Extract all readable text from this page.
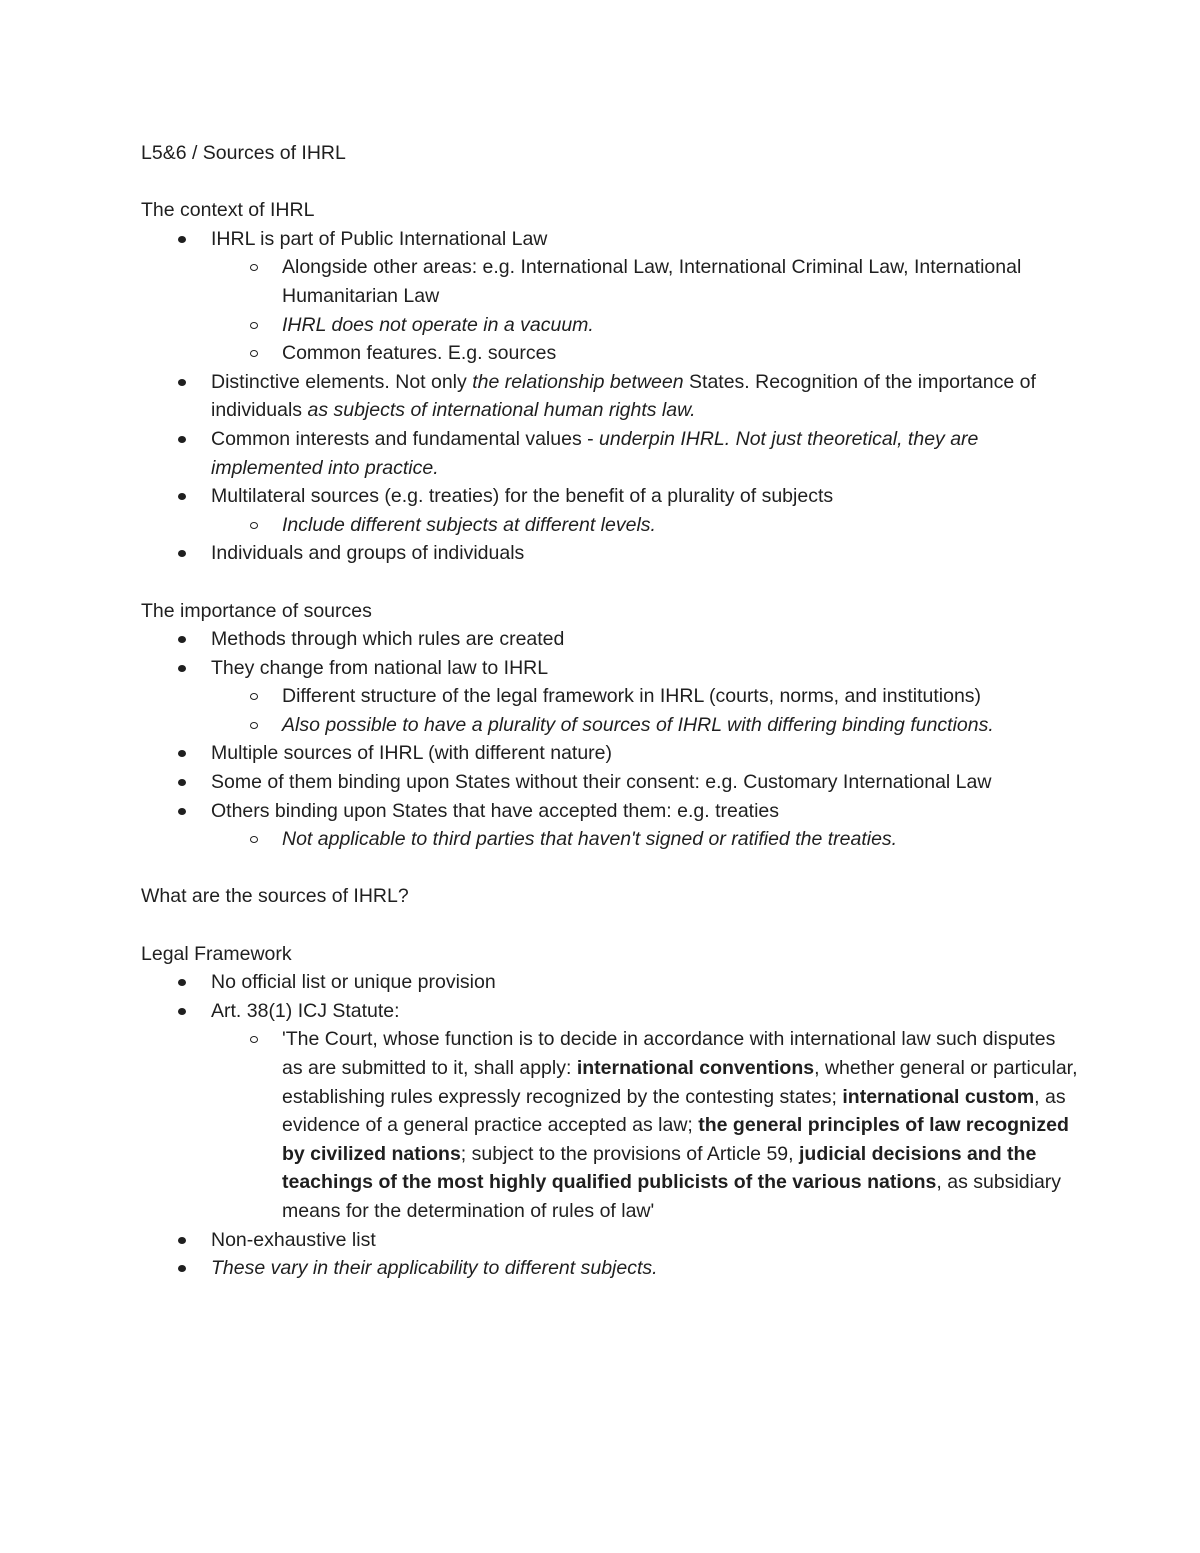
L5&6 / Sources of IHRL

The context of IHRL

IHRL is part of Public International Law
Alongside other areas: e.g. International Law, International Criminal Law, International Humanitarian Law
IHRL does not operate in a vacuum.
Common features. E.g. sources
Distinctive elements. Not only the relationship between States. Recognition of the importance of individuals as subjects of international human rights law.
Common interests and fundamental values - underpin IHRL. Not just theoretical, they are implemented into practice.
Multilateral sources (e.g. treaties) for the benefit of a plurality of subjects
Include different subjects at different levels.
Individuals and groups of individuals

The importance of sources

Methods through which rules are created
They change from national law to IHRL
Different structure of the legal framework in IHRL (courts, norms, and institutions)
Also possible to have a plurality of sources of IHRL with differing binding functions.
Multiple sources of IHRL (with different nature)
Some of them binding upon States without their consent: e.g. Customary International Law
Others binding upon States that have accepted them: e.g. treaties
Not applicable to third parties that haven't signed or ratified the treaties.

What are the sources of IHRL?

Legal Framework

No official list or unique provision
Art. 38(1) ICJ Statute:
'The Court, whose function is to decide in accordance with international law such disputes as are submitted to it, shall apply: international conventions, whether general or particular, establishing rules expressly recognized by the contesting states; international custom, as evidence of a general practice accepted as law; the general principles of law recognized by civilized nations; subject to the provisions of Article 59, judicial decisions and the teachings of the most highly qualified publicists of the various nations, as subsidiary means for the determination of rules of law'
Non-exhaustive list
These vary in their applicability to different subjects.
